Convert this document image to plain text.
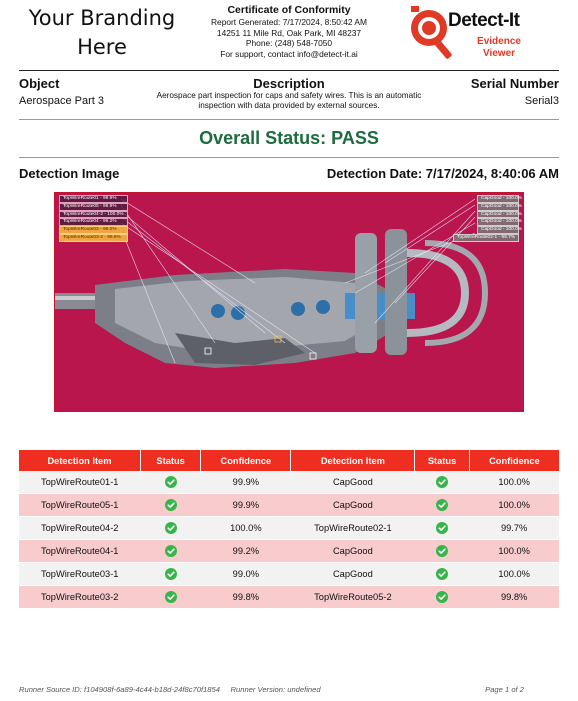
Your Branding
Here
Certificate of Conformity
Report Generated: 7/17/2024, 8:50:42 AM
14251 11 Mile Rd, Oak Park, MI 48237
Phone: (248) 548-7050
For support, contact info@detect-it.ai
Detect-It
Evidence
Viewer
Object
Aerospace Part 3
Description
Aerospace part inspection for caps and safety wires. This is an automatic
inspection with data provided by external sources.
Serial Number
Serial3
Overall Status: PASS
Detection Image	Detection Date: 7/17/2024, 8:40:06 AM
TopWireRoute01 - 99.9%
TopWireRoute05 - 99.9%
TopWireRoute04-2 - 100.0%
TopWireRoute04 - 99.2%
TopWireRoute03 - 99.0%
TopWireRoute03-2 - 99.8%
CapGood - 100.0%
CapGood - 100.0%
CapGood - 100.0%
CapGood - 100.0%
CapGood - 100.0%
TopWireRoute02-1 - 99.7%
Detection Item	Status	Confidence	Detection Item	Status	Confidence
TopWireRoute01-1		99.9%	CapGood		100.0%
TopWireRoute05-1		99.9%	CapGood		100.0%
TopWireRoute04-2		100.0%	TopWireRoute02-1		99.7%
TopWireRoute04-1		99.2%	CapGood		100.0%
TopWireRoute03-1		99.0%	CapGood		100.0%
TopWireRoute03-2		99.8%	TopWireRoute05-2		99.8%
Runner Source ID: f104908f-6a89-4c44-b18d-24f8c70f1854 Runner Version: undefined	Page 1 of 2
